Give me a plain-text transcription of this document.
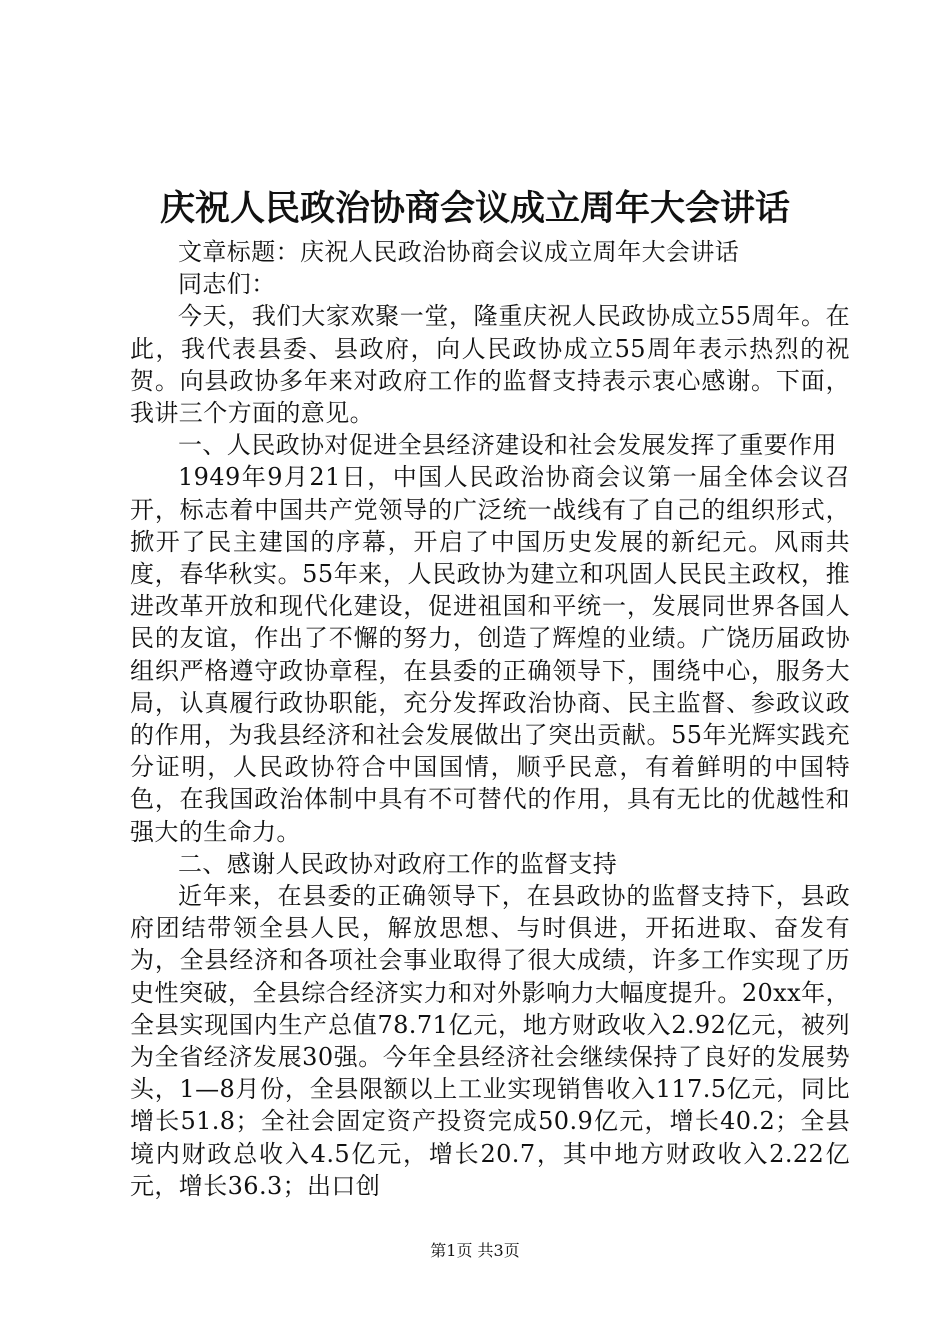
庆祝人民政治协商会议成立周年大会讲话

文章标题：庆祝人民政治协商会议成立周年大会讲话

同志们：

今天，我们大家欢聚一堂，隆重庆祝人民政协成立55周年。在此，我代表县委、县政府，向人民政协成立55周年表示热烈的祝贺。向县政协多年来对政府工作的监督支持表示衷心感谢。下面，我讲三个方面的意见。

一、人民政协对促进全县经济建设和社会发展发挥了重要作用

1949年9月21日，中国人民政治协商会议第一届全体会议召开，标志着中国共产党领导的广泛统一战线有了自己的组织形式，掀开了民主建国的序幕，开启了中国历史发展的新纪元。风雨共度，春华秋实。55年来，人民政协为建立和巩固人民民主政权，推进改革开放和现代化建设，促进祖国和平统一，发展同世界各国人民的友谊，作出了不懈的努力，创造了辉煌的业绩。广饶历届政协组织严格遵守政协章程，在县委的正确领导下，围绕中心，服务大局，认真履行政协职能，充分发挥政治协商、民主监督、参政议政的作用，为我县经济和社会发展做出了突出贡献。55年光辉实践充分证明，人民政协符合中国国情，顺乎民意，有着鲜明的中国特色，在我国政治体制中具有不可替代的作用，具有无比的优越性和强大的生命力。

二、感谢人民政协对政府工作的监督支持

近年来，在县委的正确领导下，在县政协的监督支持下，县政府团结带领全县人民，解放思想、与时俱进，开拓进取、奋发有为，全县经济和各项社会事业取得了很大成绩，许多工作实现了历史性突破，全县综合经济实力和对外影响力大幅度提升。20xx年，全县实现国内生产总值78.71亿元，地方财政收入2.92亿元，被列为全省经济发展30强。今年全县经济社会继续保持了良好的发展势头，1—8月份，全县限额以上工业实现销售收入117.5亿元，同比增长51.8；全社会固定资产投资完成50.9亿元，增长40.2；全县境内财政总收入4.5亿元，增长20.7，其中地方财政收入2.22亿元，增长36.3；出口创

第1页 共3页
